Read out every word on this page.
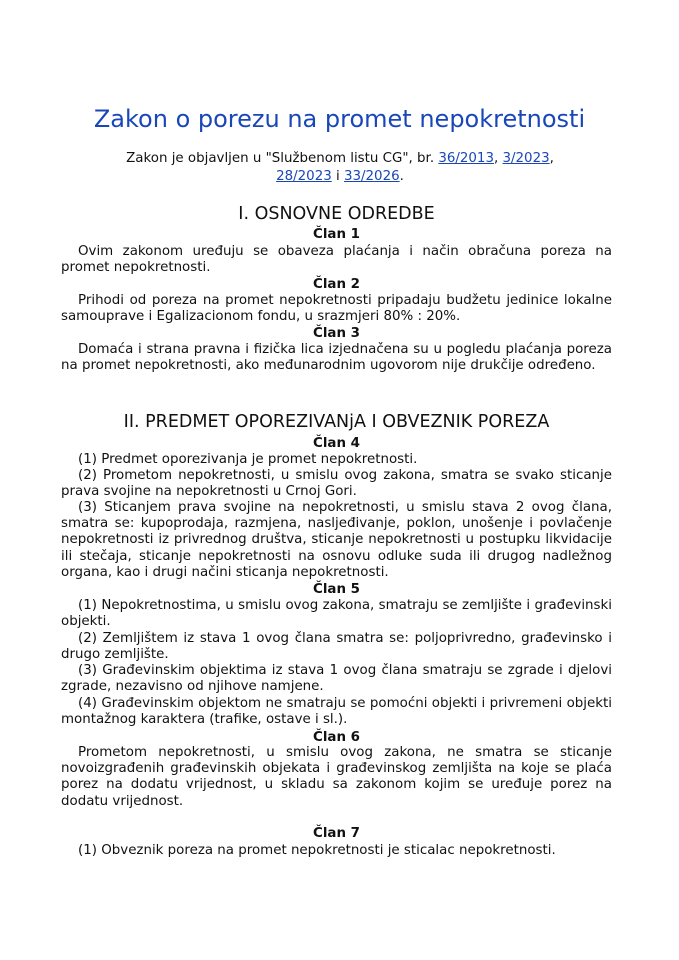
Zakon o porezu na promet nepokretnosti
Zakon je objavljen u "Službenom listu CG", br. 36/2013, 3/2023,
28/2023 i 33/2026.
I. OSNOVNE ODREDBE
Član 1

Ovim zakonom uređuju se obaveza plaćanja i način obračuna poreza na promet nepokretnosti.

Član 2

Prihodi od poreza na promet nepokretnosti pripadaju budžetu jedinice lokalne samouprave i Egalizacionom fondu, u srazmjeri 80% : 20%.

Član 3

Domaća i strana pravna i fizička lica izjednačena su u pogledu plaćanja poreza na promet nepokretnosti, ako međunarodnim ugovorom nije drukčije određeno.

II. PREDMET OPOREZIVANjA I OBVEZNIK POREZA
Član 4

(1) Predmet oporezivanja je promet nepokretnosti.

(2) Prometom nepokretnosti, u smislu ovog zakona, smatra se svako sticanje prava svojine na nepokretnosti u Crnoj Gori.

(3) Sticanjem prava svojine na nepokretnosti, u smislu stava 2 ovog člana, smatra se: kupoprodaja, razmjena, nasljeđivanje, poklon, unošenje i povlačenje nepokretnosti iz privrednog društva, sticanje nepokretnosti u postupku likvidacije ili stečaja, sticanje nepokretnosti na osnovu odluke suda ili drugog nadležnog organa, kao i drugi načini sticanja nepokretnosti.

Član 5

(1) Nepokretnostima, u smislu ovog zakona, smatraju se zemljište i građevinski objekti.

(2) Zemljištem iz stava 1 ovog člana smatra se: poljoprivredno, građevinsko i drugo zemljište.

(3) Građevinskim objektima iz stava 1 ovog člana smatraju se zgrade i djelovi zgrade, nezavisno od njihove namjene.

(4) Građevinskim objektom ne smatraju se pomoćni objekti i privremeni objekti montažnog karaktera (trafike, ostave i sl.).

Član 6

Prometom nepokretnosti, u smislu ovog zakona, ne smatra se sticanje novoizgrađenih građevinskih objekata i građevinskog zemljišta na koje se plaća porez na dodatu vrijednost, u skladu sa zakonom kojim se uređuje porez na dodatu vrijednost.

Član 7

(1) Obveznik poreza na promet nepokretnosti je sticalac nepokretnosti.
